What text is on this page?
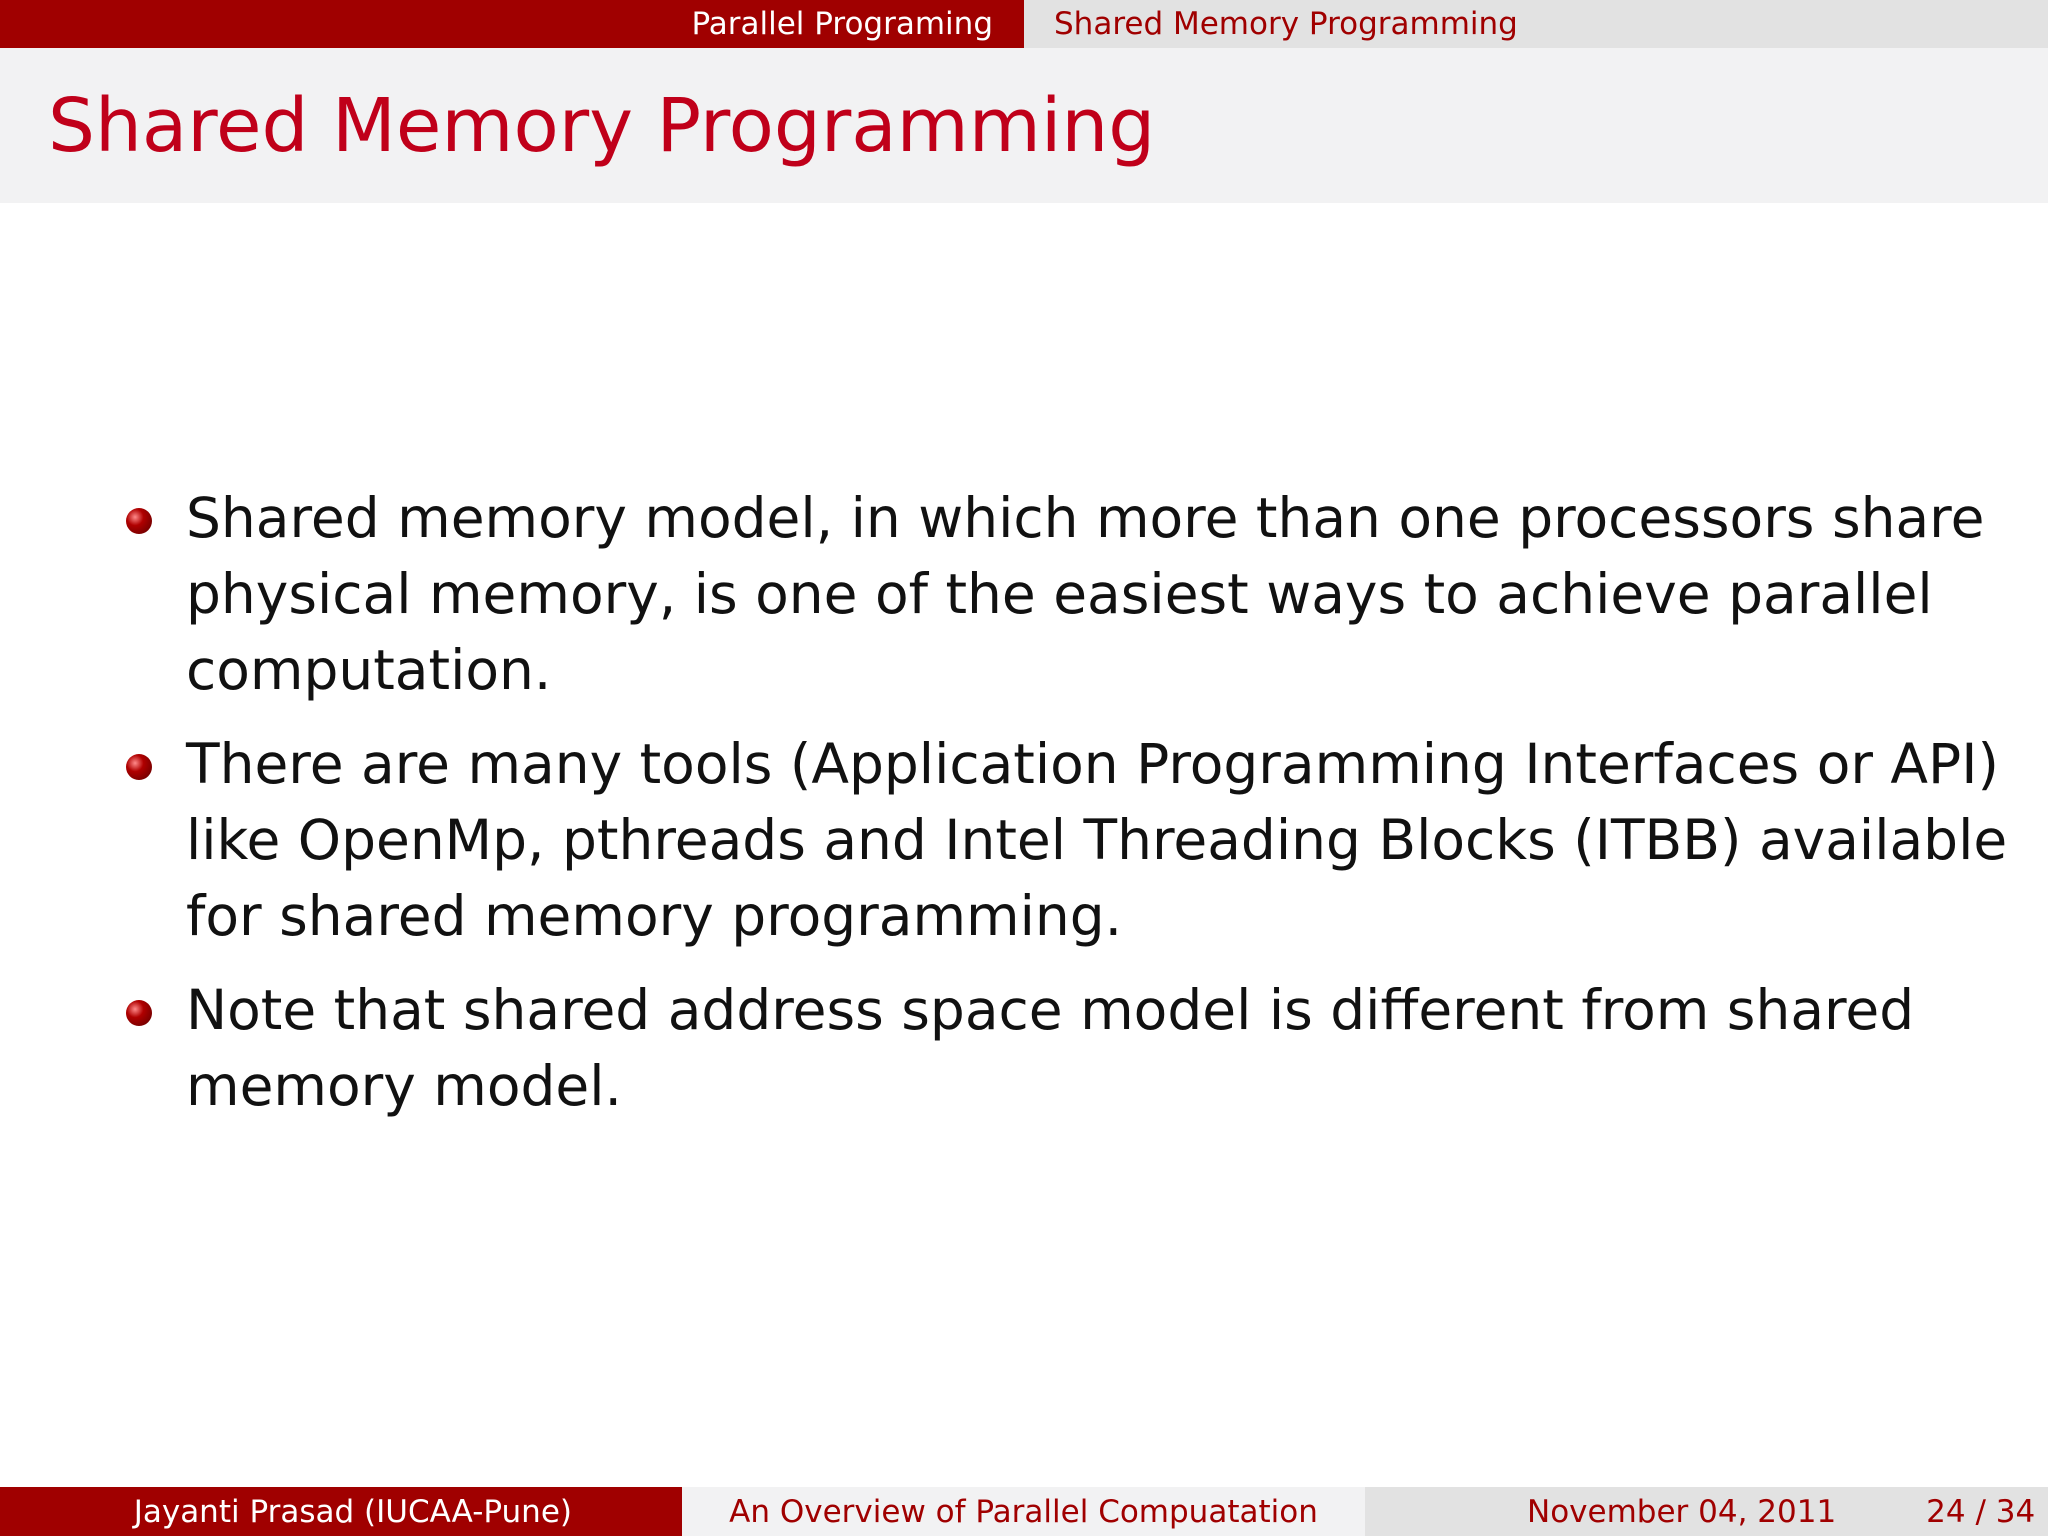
Parallel Programing Shared Memory Programming
Shared Memory Programming

Shared memory model, in which more than one processors share physical memory, is one of the easiest ways to achieve parallel computation.

There are many tools (Application Programming Interfaces or API) like OpenMp, pthreads and Intel Threading Blocks (ITBB) available for shared memory programming.

Note that shared address space model is different from shared memory model.

Jayanti Prasad (IUCAA-Pune)	An Overview of Parallel Compuatation	November 04, 2011	24 / 34
